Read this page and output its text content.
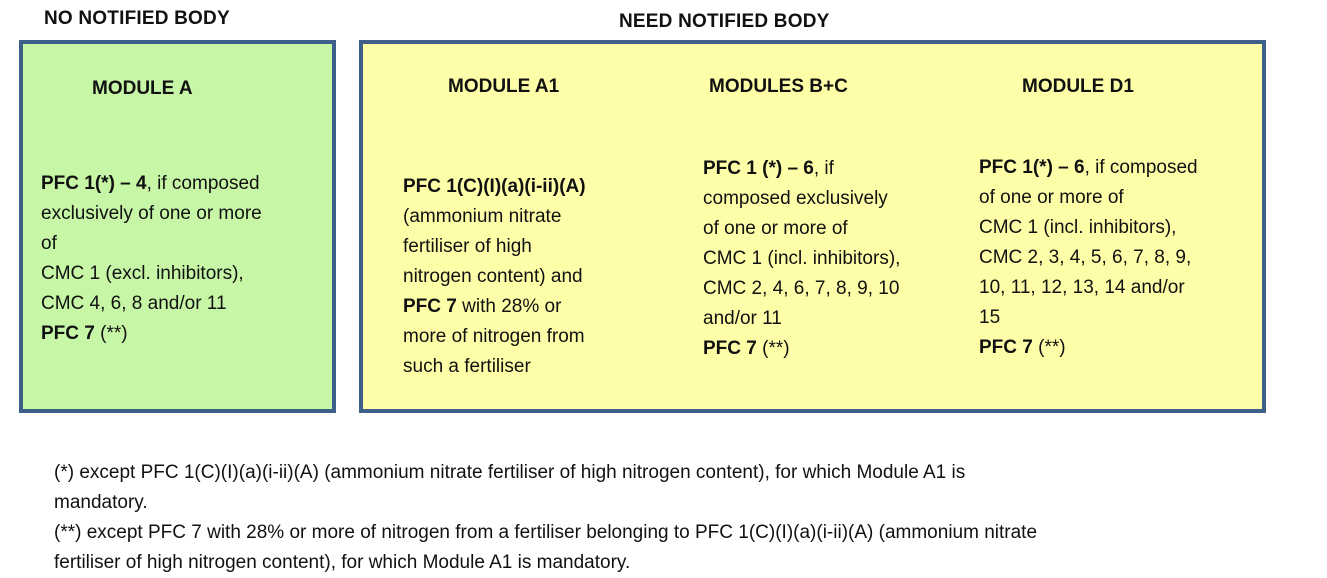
NO NOTIFIED BODY	NEED NOTIFIED BODY
MODULE A
PFC 1(*) – 4, if composed
exclusively of one or more
of
CMC 1 (excl. inhibitors),
CMC 4, 6, 8 and/or 11
PFC 7 (**)
MODULE A1
PFC 1(C)(I)(a)(i-ii)(A)
(ammonium nitrate
fertiliser of high
nitrogen content) and
PFC 7 with 28% or
more of nitrogen from
such a fertiliser
MODULES B+C
PFC 1 (*) – 6, if
composed exclusively
of one or more of
CMC 1 (incl. inhibitors),
CMC 2, 4, 6, 7, 8, 9, 10
and/or 11
PFC 7 (**)
MODULE D1
PFC 1(*) – 6, if composed
of one or more of
CMC 1 (incl. inhibitors),
CMC 2, 3, 4, 5, 6, 7, 8, 9,
10, 11, 12, 13, 14 and/or
15
PFC 7 (**)
(*) except PFC 1(C)(I)(a)(i-ii)(A) (ammonium nitrate fertiliser of high nitrogen content), for which Module A1 is
mandatory.
(**) except PFC 7 with 28% or more of nitrogen from a fertiliser belonging to PFC 1(C)(I)(a)(i-ii)(A) (ammonium nitrate
fertiliser of high nitrogen content), for which Module A1 is mandatory.
